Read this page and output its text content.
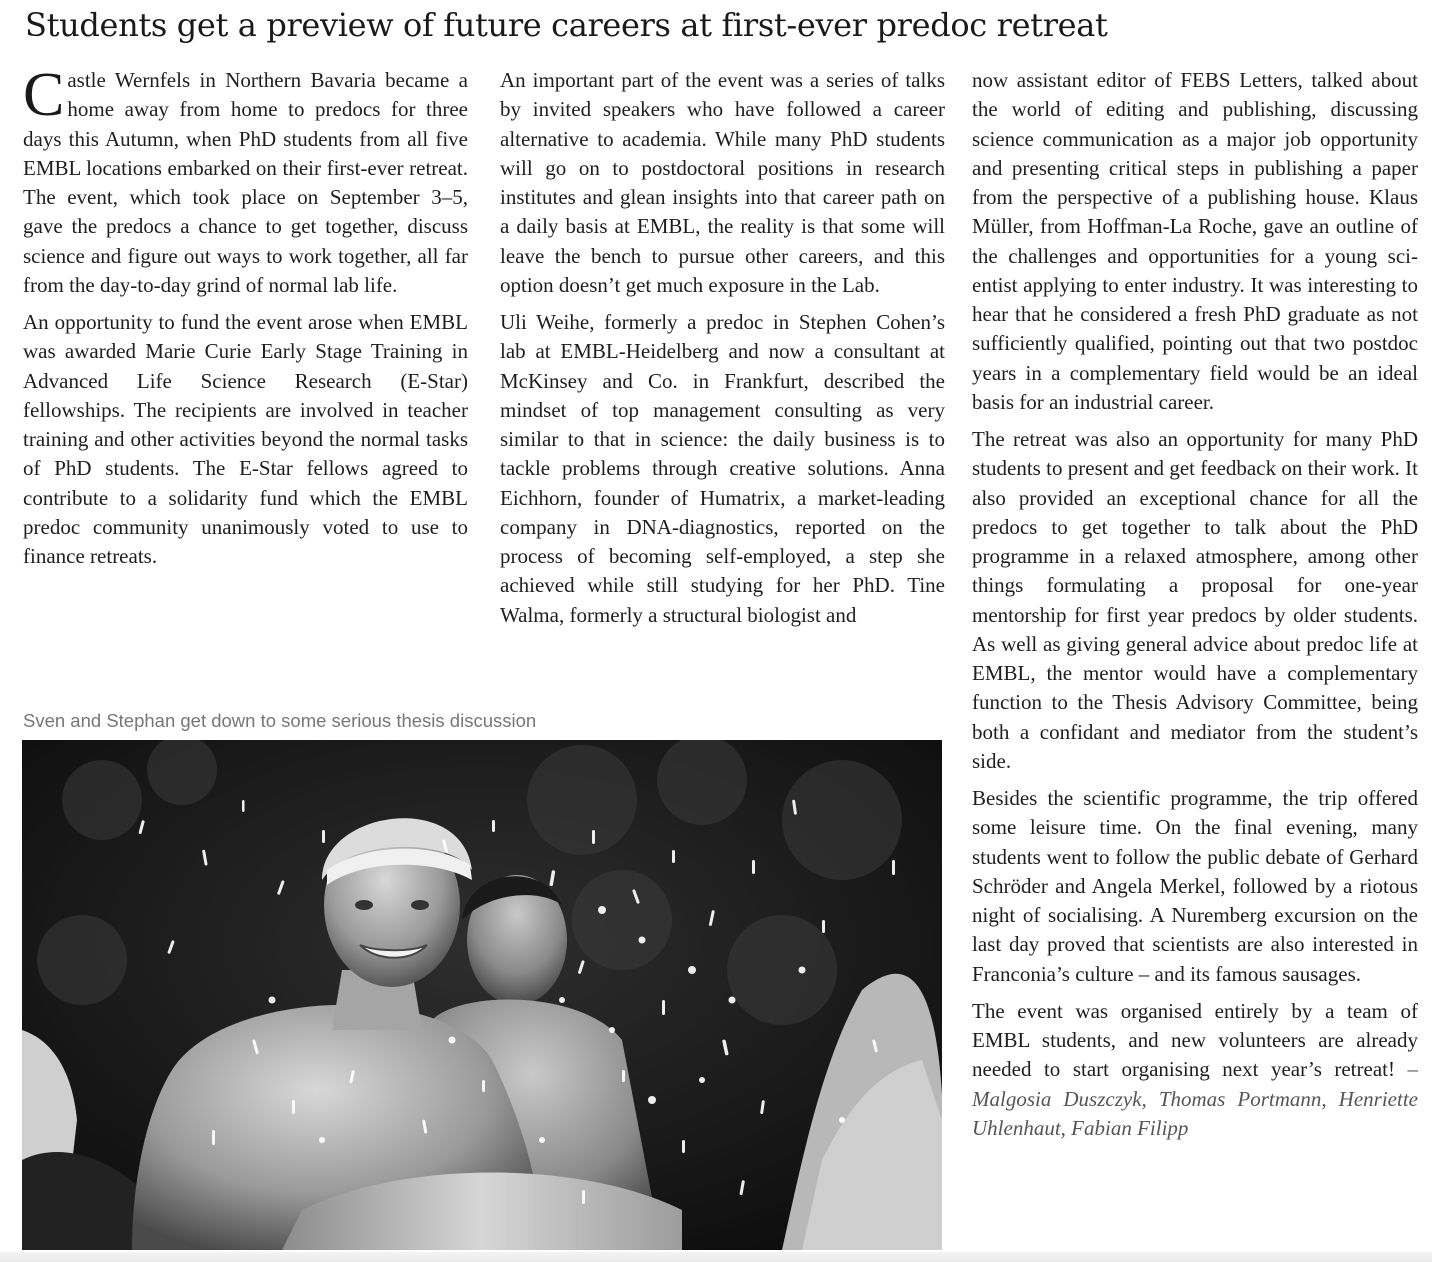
Students get a preview of future careers at first-ever predoc retreat

Castle Wernfels in Northern Bavaria became a home away from home to predocs for three days this Autumn, when PhD students from all five EMBL locations embarked on their first-ever retreat. The event, which took place on September 3–5, gave the predocs a chance to get together, discuss science and figure out ways to work together, all far from the day-to-day grind of normal lab life.

An opportunity to fund the event arose when EMBL was awarded Marie Curie Early Stage Training in Advanced Life Science Research (E-Star) fellowships. The recipients are involved in teacher training and other activities beyond the normal tasks of PhD students. The E-Star fellows agreed to contribute to a solidarity fund which the EMBL predoc community unanimously voted to use to finance retreats.

An important part of the event was a series of talks by invited speakers who have followed a career alternative to academia. While many PhD students will go on to postdoctoral positions in research institutes and glean insights into that career path on a daily basis at EMBL, the reality is that some will leave the bench to pursue other careers, and this option doesn’t get much exposure in the Lab.

Uli Weihe, formerly a predoc in Stephen Cohen’s lab at EMBL-Heidelberg and now a consultant at McKinsey and Co. in Frankfurt, described the mindset of top management consulting as very similar to that in science: the daily business is to tackle problems through creative solutions. Anna Eichhorn, founder of Humatrix, a market-leading company in DNA-diagnostics, reported on the process of becoming self-employed, a step she achieved while still studying for her PhD. Tine Walma, formerly a structural biologist and

now assistant editor of FEBS Letters, talked about the world of editing and publishing, discussing science communication as a major job opportunity and presenting critical steps in publishing a paper from the perspective of a publishing house. Klaus Müller, from Hoffman-La Roche, gave an outline of the challenges and opportunities for a young scientist applying to enter industry. It was interesting to hear that he considered a fresh PhD graduate as not sufficiently qualified, pointing out that two postdoc years in a complementary field would be an ideal basis for an industrial career.

The retreat was also an opportunity for many PhD students to present and get feedback on their work. It also provided an exceptional chance for all the predocs to get together to talk about the PhD programme in a relaxed atmosphere, among other things formulating a proposal for one-year mentorship for first year predocs by older students. As well as giving general advice about predoc life at EMBL, the mentor would have a complementary function to the Thesis Advisory Committee, being both a confidant and mediator from the student’s side.

Besides the scientific programme, the trip offered some leisure time. On the final evening, many students went to follow the public debate of Gerhard Schröder and Angela Merkel, followed by a riotous night of socialising. A Nuremberg excursion on the last day proved that scientists are also interested in Franconia’s culture – and its famous sausages.

The event was organised entirely by a team of EMBL students, and new volunteers are already needed to start organising next year’s retreat! – Malgosia Duszczyk, Thomas Portmann, Henriette Uhlenhaut, Fabian Filipp

Sven and Stephan get down to some serious thesis discussion
